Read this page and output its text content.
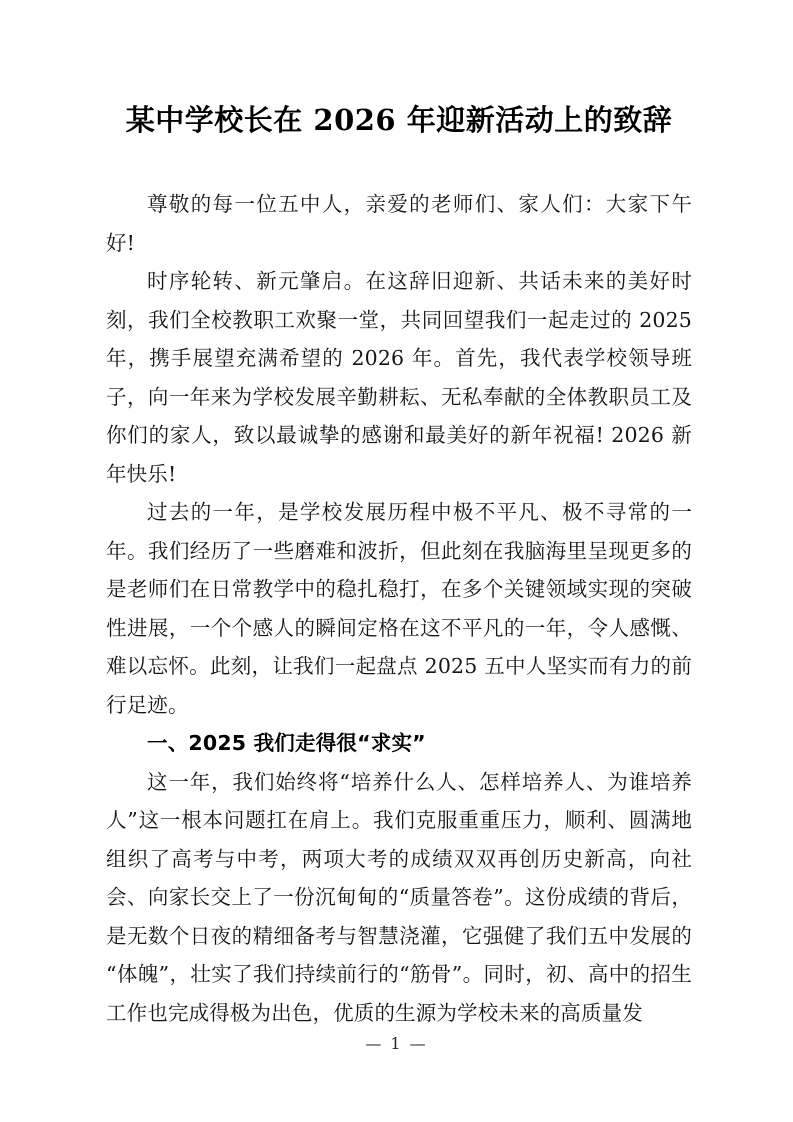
某中学校长在 2026 年迎新活动上的致辞

尊敬的每一位五中人，亲爱的老师们、家人们：大家下午好!

时序轮转、新元肇启。在这辞旧迎新、共话未来的美好时刻，我们全校教职工欢聚一堂，共同回望我们一起走过的 2025 年，携手展望充满希望的 2026 年。首先，我代表学校领导班子，向一年来为学校发展辛勤耕耘、无私奉献的全体教职员工及你们的家人，致以最诚挚的感谢和最美好的新年祝福! 2026 新年快乐!

过去的一年，是学校发展历程中极不平凡、极不寻常的一年。我们经历了一些磨难和波折，但此刻在我脑海里呈现更多的是老师们在日常教学中的稳扎稳打，在多个关键领域实现的突破性进展，一个个感人的瞬间定格在这不平凡的一年，令人感慨、难以忘怀。此刻，让我们一起盘点 2025 五中人坚实而有力的前行足迹。

一、2025 我们走得很“求实”

这一年，我们始终将“培养什么人、怎样培养人、为谁培养人”这一根本问题扛在肩上。我们克服重重压力，顺利、圆满地组织了高考与中考，两项大考的成绩双双再创历史新高，向社会、向家长交上了一份沉甸甸的“质量答卷”。这份成绩的背后，是无数个日夜的精细备考与智慧浇灌，它强健了我们五中发展的“体魄”，壮实了我们持续前行的“筋骨”。同时，初、高中的招生工作也完成得极为出色，优质的生源为学校未来的高质量发

— 1 —
